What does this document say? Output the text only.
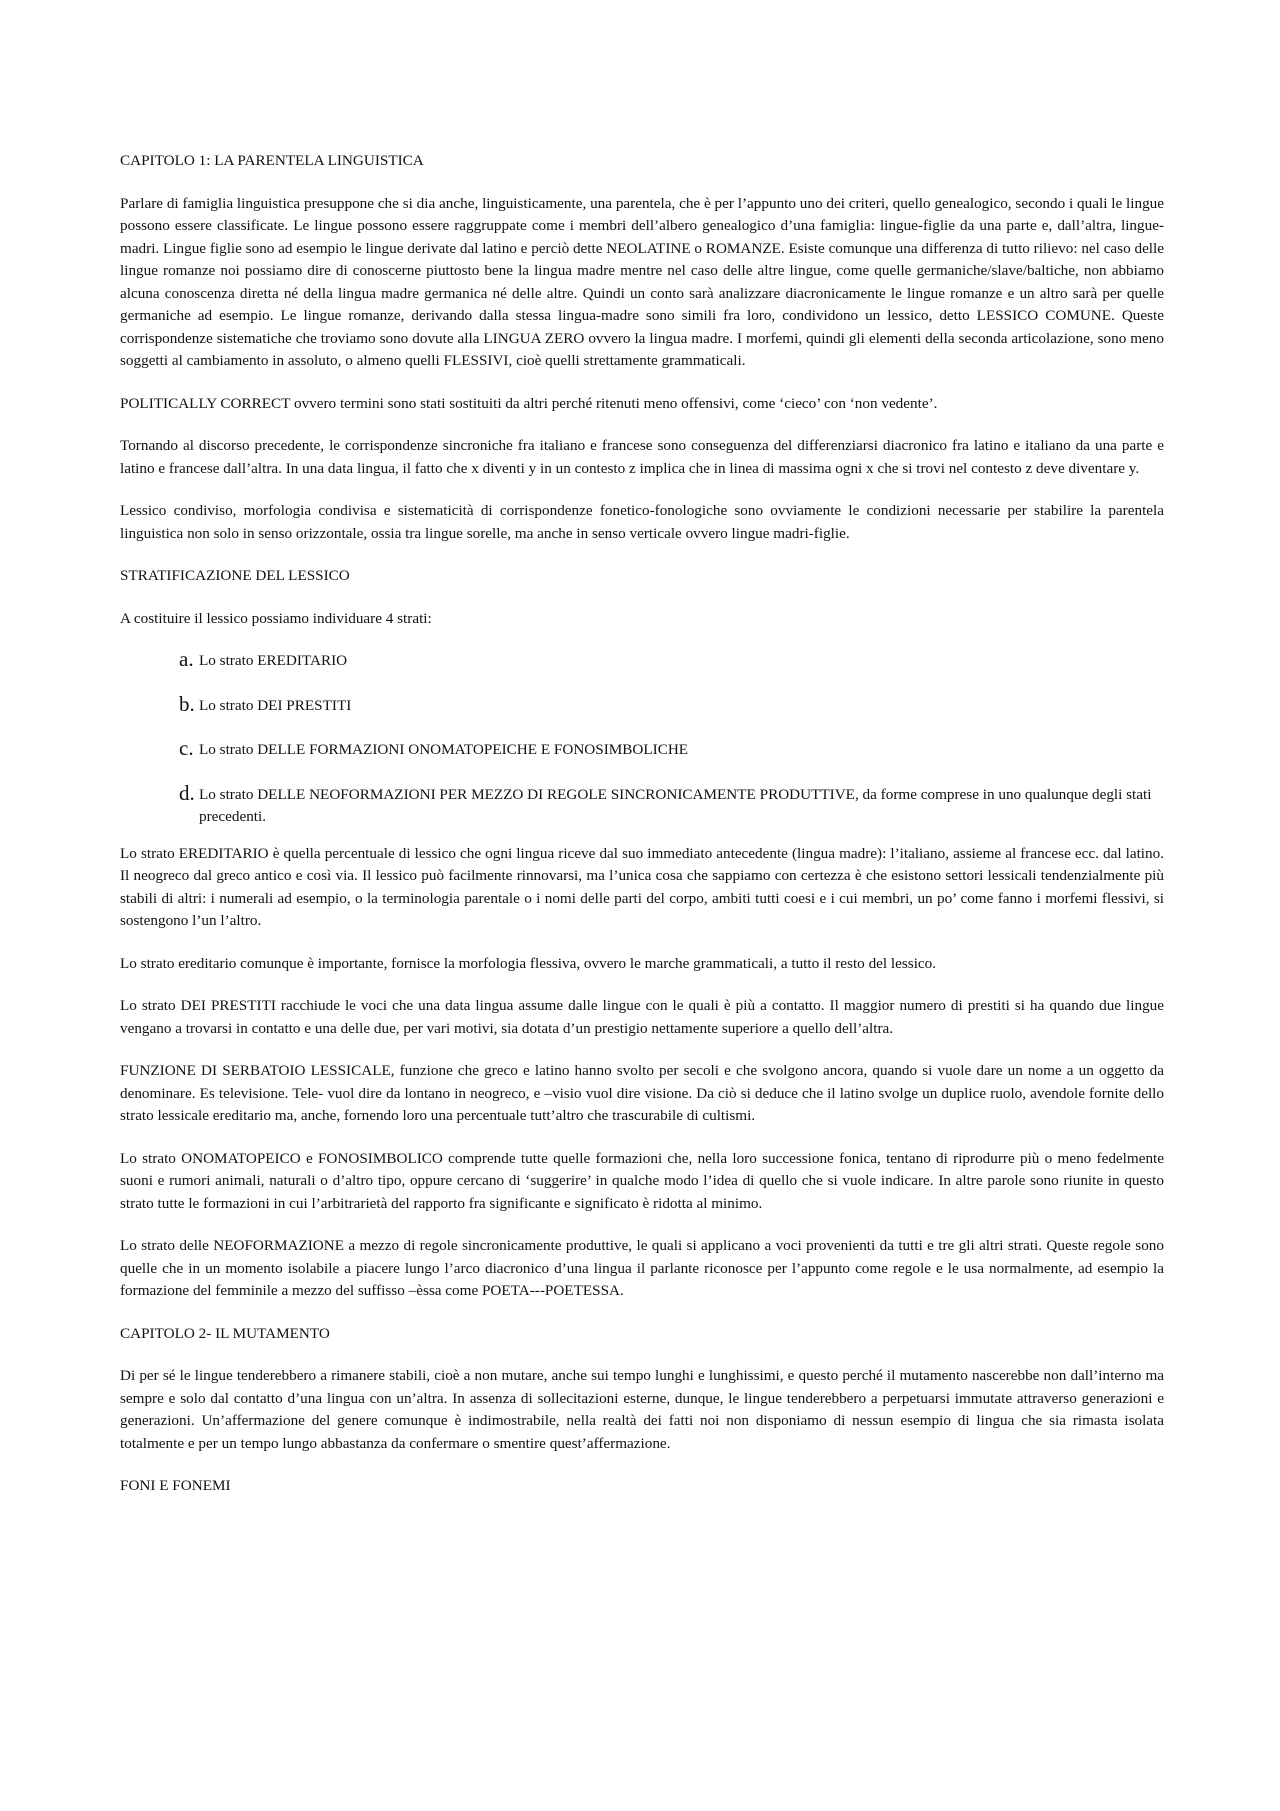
CAPITOLO 1: LA PARENTELA LINGUISTICA

Parlare di famiglia linguistica presuppone che si dia anche, linguisticamente, una parentela, che è per l’appunto uno dei criteri, quello genealogico, secondo i quali le lingue possono essere classificate. Le lingue possono essere raggruppate come i membri dell’albero genealogico d’una famiglia: lingue-figlie da una parte e, dall’altra, lingue-madri. Lingue figlie sono ad esempio le lingue derivate dal latino e perciò dette NEOLATINE o ROMANZE. Esiste comunque una differenza di tutto rilievo: nel caso delle lingue romanze noi possiamo dire di conoscerne piuttosto bene la lingua madre mentre nel caso delle altre lingue, come quelle germaniche/slave/baltiche, non abbiamo alcuna conoscenza diretta né della lingua madre germanica né delle altre. Quindi un conto sarà analizzare diacronicamente le lingue romanze e un altro sarà per quelle germaniche ad esempio. Le lingue romanze, derivando dalla stessa lingua-madre sono simili fra loro, condividono un lessico, detto LESSICO COMUNE. Queste corrispondenze sistematiche che troviamo sono dovute alla LINGUA ZERO ovvero la lingua madre. I morfemi, quindi gli elementi della seconda articolazione, sono meno soggetti al cambiamento in assoluto, o almeno quelli FLESSIVI, cioè quelli strettamente grammaticali.

POLITICALLY CORRECT ovvero termini sono stati sostituiti da altri perché ritenuti meno offensivi, come ‘cieco’ con ‘non vedente’.

Tornando al discorso precedente, le corrispondenze sincroniche fra italiano e francese sono conseguenza del differenziarsi diacronico fra latino e italiano da una parte e latino e francese dall’altra. In una data lingua, il fatto che x diventi y in un contesto z implica che in linea di massima ogni x che si trovi nel contesto z deve diventare y.

Lessico condiviso, morfologia condivisa e sistematicità di corrispondenze fonetico-fonologiche sono ovviamente le condizioni necessarie per stabilire la parentela linguistica non solo in senso orizzontale, ossia tra lingue sorelle, ma anche in senso verticale ovvero lingue madri-figlie.

STRATIFICAZIONE DEL LESSICO

A costituire il lessico possiamo individuare 4 strati:

a. Lo strato EREDITARIO
b. Lo strato DEI PRESTITI
c. Lo strato DELLE FORMAZIONI ONOMATOPEICHE E FONOSIMBOLICHE
d. Lo strato DELLE NEOFORMAZIONI PER MEZZO DI REGOLE SINCRONICAMENTE PRODUTTIVE, da forme comprese in uno qualunque degli stati precedenti.

Lo strato EREDITARIO è quella percentuale di lessico che ogni lingua riceve dal suo immediato antecedente (lingua madre): l’italiano, assieme al francese ecc. dal latino. Il neogreco dal greco antico e così via. Il lessico può facilmente rinnovarsi, ma l’unica cosa che sappiamo con certezza è che esistono settori lessicali tendenzialmente più stabili di altri: i numerali ad esempio, o la terminologia parentale o i nomi delle parti del corpo, ambiti tutti coesi e i cui membri, un po’ come fanno i morfemi flessivi, si sostengono l’un l’altro.

Lo strato ereditario comunque è importante, fornisce la morfologia flessiva, ovvero le marche grammaticali, a tutto il resto del lessico.

Lo strato DEI PRESTITI racchiude le voci che una data lingua assume dalle lingue con le quali è più a contatto. Il maggior numero di prestiti si ha quando due lingue vengano a trovarsi in contatto e una delle due, per vari motivi, sia dotata d’un prestigio nettamente superiore a quello dell’altra.

FUNZIONE DI SERBATOIO LESSICALE, funzione che greco e latino hanno svolto per secoli e che svolgono ancora, quando si vuole dare un nome a un oggetto da denominare. Es televisione. Tele- vuol dire da lontano in neogreco, e –visio vuol dire visione. Da ciò si deduce che il latino svolge un duplice ruolo, avendole fornite dello strato lessicale ereditario ma, anche, fornendo loro una percentuale tutt’altro che trascurabile di cultismi.

Lo strato ONOMATOPEICO e FONOSIMBOLICO comprende tutte quelle formazioni che, nella loro successione fonica, tentano di riprodurre più o meno fedelmente suoni e rumori animali, naturali o d’altro tipo, oppure cercano di ‘suggerire’ in qualche modo l’idea di quello che si vuole indicare. In altre parole sono riunite in questo strato tutte le formazioni in cui l’arbitrarietà del rapporto fra significante e significato è ridotta al minimo.

Lo strato delle NEOFORMAZIONE a mezzo di regole sincronicamente produttive, le quali si applicano a voci provenienti da tutti e tre gli altri strati. Queste regole sono quelle che in un momento isolabile a piacere lungo l’arco diacronico d’una lingua il parlante riconosce per l’appunto come regole e le usa normalmente, ad esempio la formazione del femminile a mezzo del suffisso –èssa come POETA---POETESSA.

CAPITOLO 2- IL MUTAMENTO

Di per sé le lingue tenderebbero a rimanere stabili, cioè a non mutare, anche sui tempo lunghi e lunghissimi, e questo perché il mutamento nascerebbe non dall’interno ma sempre e solo dal contatto d’una lingua con un’altra. In assenza di sollecitazioni esterne, dunque, le lingue tenderebbero a perpetuarsi immutate attraverso generazioni e generazioni. Un’affermazione del genere comunque è indimostrabile, nella realtà dei fatti noi non disponiamo di nessun esempio di lingua che sia rimasta isolata totalmente e per un tempo lungo abbastanza da confermare o smentire quest’affermazione.

FONI E FONEMI
